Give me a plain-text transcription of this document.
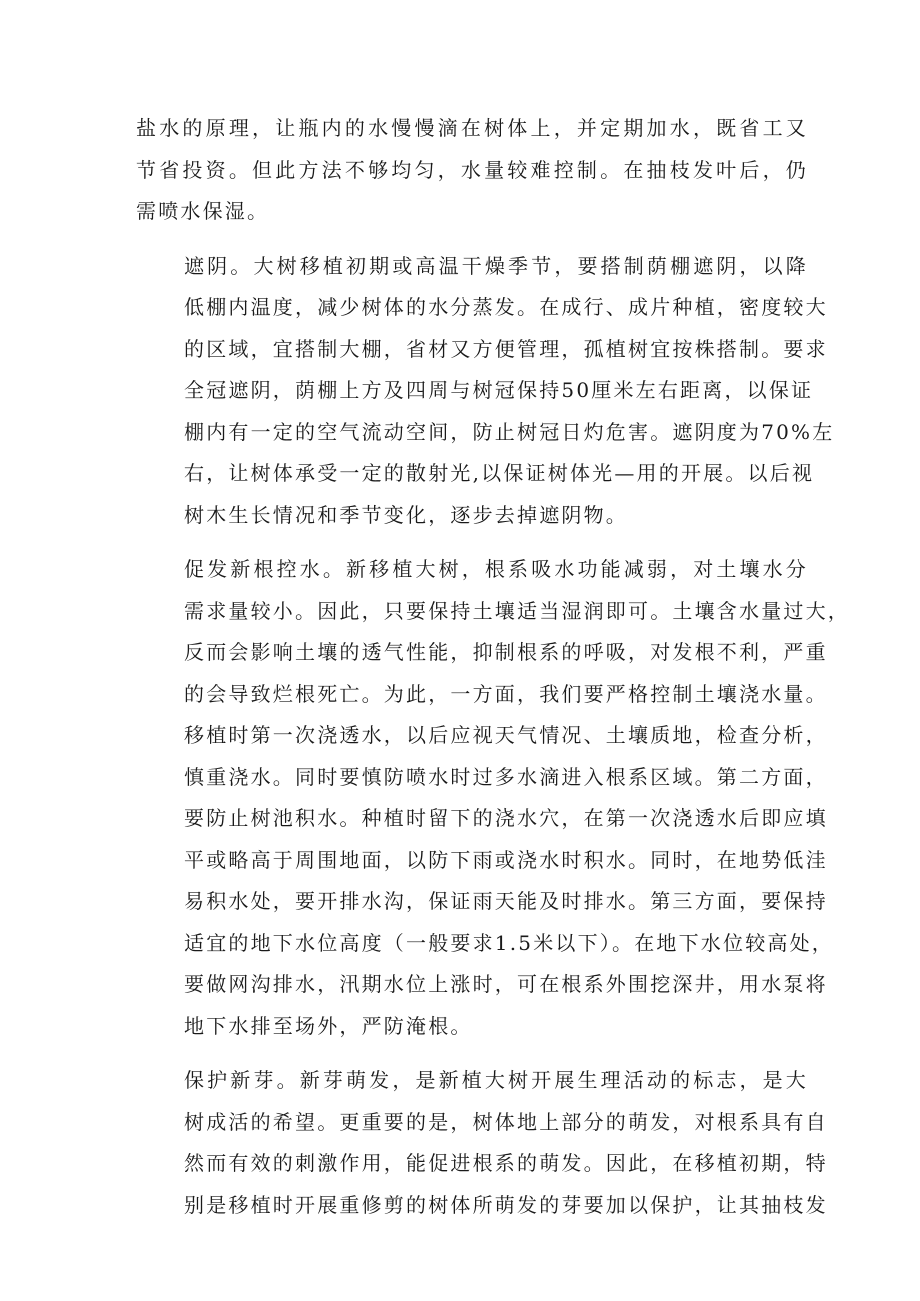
盐水的原理，让瓶内的水慢慢滴在树体上，并定期加水，既省工又
节省投资。但此方法不够均匀，水量较难控制。在抽枝发叶后，仍
需喷水保湿。
遮阴。大树移植初期或高温干燥季节，要搭制荫棚遮阴，以降
低棚内温度，减少树体的水分蒸发。在成行、成片种植，密度较大
的区域，宜搭制大棚，省材又方便管理，孤植树宜按株搭制。要求
全冠遮阴，荫棚上方及四周与树冠保持50厘米左右距离，以保证
棚内有一定的空气流动空间，防止树冠日灼危害。遮阴度为70%左
右，让树体承受一定的散射光,以保证树体光—用的开展。以后视
树木生长情况和季节变化，逐步去掉遮阴物。
促发新根控水。新移植大树，根系吸水功能减弱，对土壤水分
需求量较小。因此，只要保持土壤适当湿润即可。土壤含水量过大，
反而会影响土壤的透气性能，抑制根系的呼吸，对发根不利，严重
的会导致烂根死亡。为此，一方面，我们要严格控制土壤浇水量。
移植时第一次浇透水，以后应视天气情况、土壤质地，检查分析，
慎重浇水。同时要慎防喷水时过多水滴进入根系区域。第二方面，
要防止树池积水。种植时留下的浇水穴，在第一次浇透水后即应填
平或略高于周围地面，以防下雨或浇水时积水。同时，在地势低洼
易积水处，要开排水沟，保证雨天能及时排水。第三方面，要保持
适宜的地下水位高度（一般要求1.5米以下）。在地下水位较高处，
要做网沟排水，汛期水位上涨时，可在根系外围挖深井，用水泵将
地下水排至场外，严防淹根。
保护新芽。新芽萌发，是新植大树开展生理活动的标志，是大
树成活的希望。更重要的是，树体地上部分的萌发，对根系具有自
然而有效的刺激作用，能促进根系的萌发。因此，在移植初期，特
别是移植时开展重修剪的树体所萌发的芽要加以保护，让其抽枝发
